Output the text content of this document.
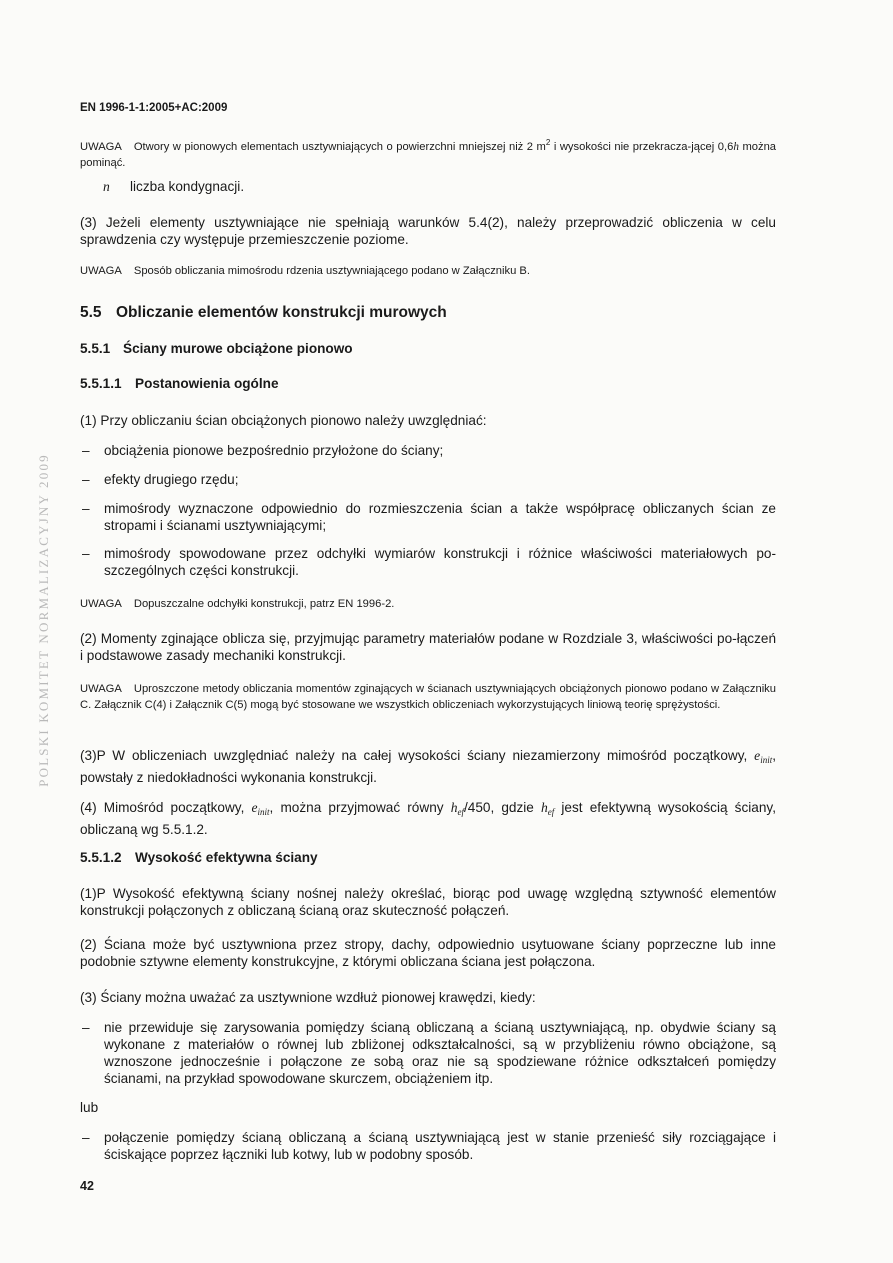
POLSKI KOMITET NORMALIZACYJNY 2009
EN 1996-1-1:2005+AC:2009
UWAGA Otwory w pionowych elementach usztywniających o powierzchni mniejszej niż 2 $m^2$ i wysokości nie przekracza-jącej 0,6h można pominąć.
n liczba kondygnacji.
(3) Jeżeli elementy usztywniające nie spełniają warunków 5.4(2), należy przeprowadzić obliczenia w celu sprawdzenia czy występuje przemieszczenie poziome.
UWAGA Sposób obliczania mimośrodu rdzenia usztywniającego podano w Załączniku B.
5.5 Obliczanie elementów konstrukcji murowych
5.5.1 Ściany murowe obciążone pionowo
5.5.1.1 Postanowienia ogólne
(1) Przy obliczaniu ścian obciążonych pionowo należy uwzględniać:
– obciążenia pionowe bezpośrednio przyłożone do ściany;
– efekty drugiego rzędu;
– mimośrody wyznaczone odpowiednio do rozmieszczenia ścian a także współpracę obliczanych ścian ze stropami i ścianami usztywniającymi;
– mimośrody spowodowane przez odchyłki wymiarów konstrukcji i różnice właściwości materiałowych po-szczególnych części konstrukcji.
UWAGA Dopuszczalne odchyłki konstrukcji, patrz EN 1996-2.
(2) Momenty zginające oblicza się, przyjmując parametry materiałów podane w Rozdziale 3, właściwości po-łączeń i podstawowe zasady mechaniki konstrukcji.
UWAGA Uproszczone metody obliczania momentów zginających w ścianach usztywniających obciążonych pionowo podano w Załączniku C. Załącznik C(4) i Załącznik C(5) mogą być stosowane we wszystkich obliczeniach wykorzystujących liniową teorię sprężystości.
(3)P W obliczeniach uwzględniać należy na całej wysokości ściany niezamierzony mimośród początkowy, $e_{init}$, powstały z niedokładności wykonania konstrukcji.
(4) Mimośród początkowy, $e_{init}$, można przyjmować równy $h_{ef}/450$, gdzie $h_{ef}$ jest efektywną wysokością ściany, obliczaną wg 5.5.1.2.
5.5.1.2 Wysokość efektywna ściany
(1)P Wysokość efektywną ściany nośnej należy określać, biorąc pod uwagę względną sztywność elementów konstrukcji połączonych z obliczaną ścianą oraz skuteczność połączeń.
(2) Ściana może być usztywniona przez stropy, dachy, odpowiednio usytuowane ściany poprzeczne lub inne podobnie sztywne elementy konstrukcyjne, z którymi obliczana ściana jest połączona.
(3) Ściany można uważać za usztywnione wzdłuż pionowej krawędzi, kiedy:
– nie przewiduje się zarysowania pomiędzy ścianą obliczaną a ścianą usztywniającą, np. obydwie ściany są wykonane z materiałów o równej lub zbliżonej odkształcalności, są w przybliżeniu równo obciążone, są wznoszone jednocześnie i połączone ze sobą oraz nie są spodziewane różnice odkształceń pomiędzy ścianami, na przykład spowodowane skurczem, obciążeniem itp.
lub
– połączenie pomiędzy ścianą obliczaną a ścianą usztywniającą jest w stanie przenieść siły rozciągające i ściskające poprzez łączniki lub kotwy, lub w podobny sposób.
42
